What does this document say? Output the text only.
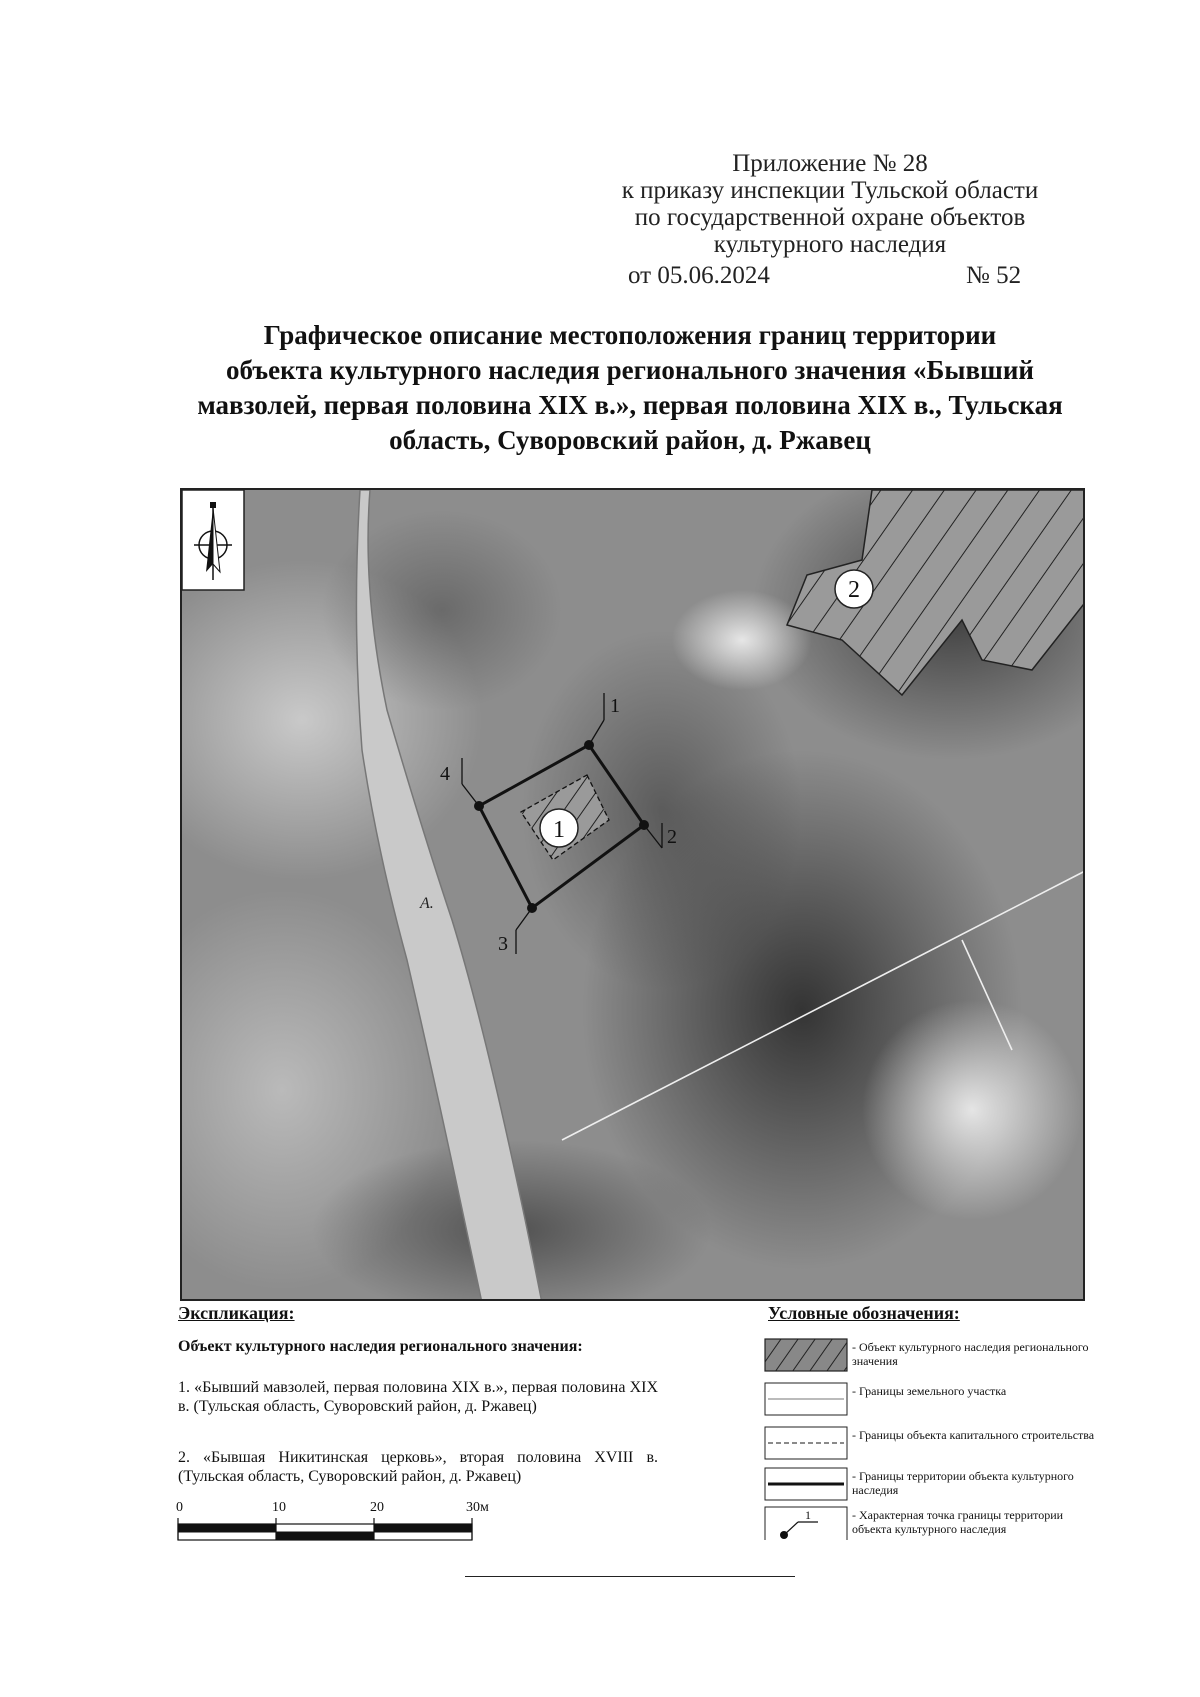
Приложение № 28
к приказу инспекции Тульской области
по государственной охране объектов
культурного наследия
от 05.06.2024	№ 52
Графическое описание местоположения границ территории
объекта культурного наследия регионального значения «Бывший
мавзолей, первая половина XIX в.», первая половина XIX в., Тульская
область, Суворовский район, д. Ржавец
А.
2
1
1
2
3
4
Экспликация:
Объект культурного наследия регионального значения:
1. «Бывший мавзолей, первая половина XIX в.», первая половина XIX в. (Тульская область, Суворовский район, д. Ржавец)
2. «Бывшая Никитинская церковь», вторая половина XVIII в. (Тульская область, Суворовский район, д. Ржавец)
0	10	20	30м
Условные обозначения:
- Объект культурного наследия регионального значения
- Границы земельного участка
- Границы объекта капитального строительства
- Границы территории объекта культурного наследия
1	- Характерная точка границы территории объекта культурного наследия
